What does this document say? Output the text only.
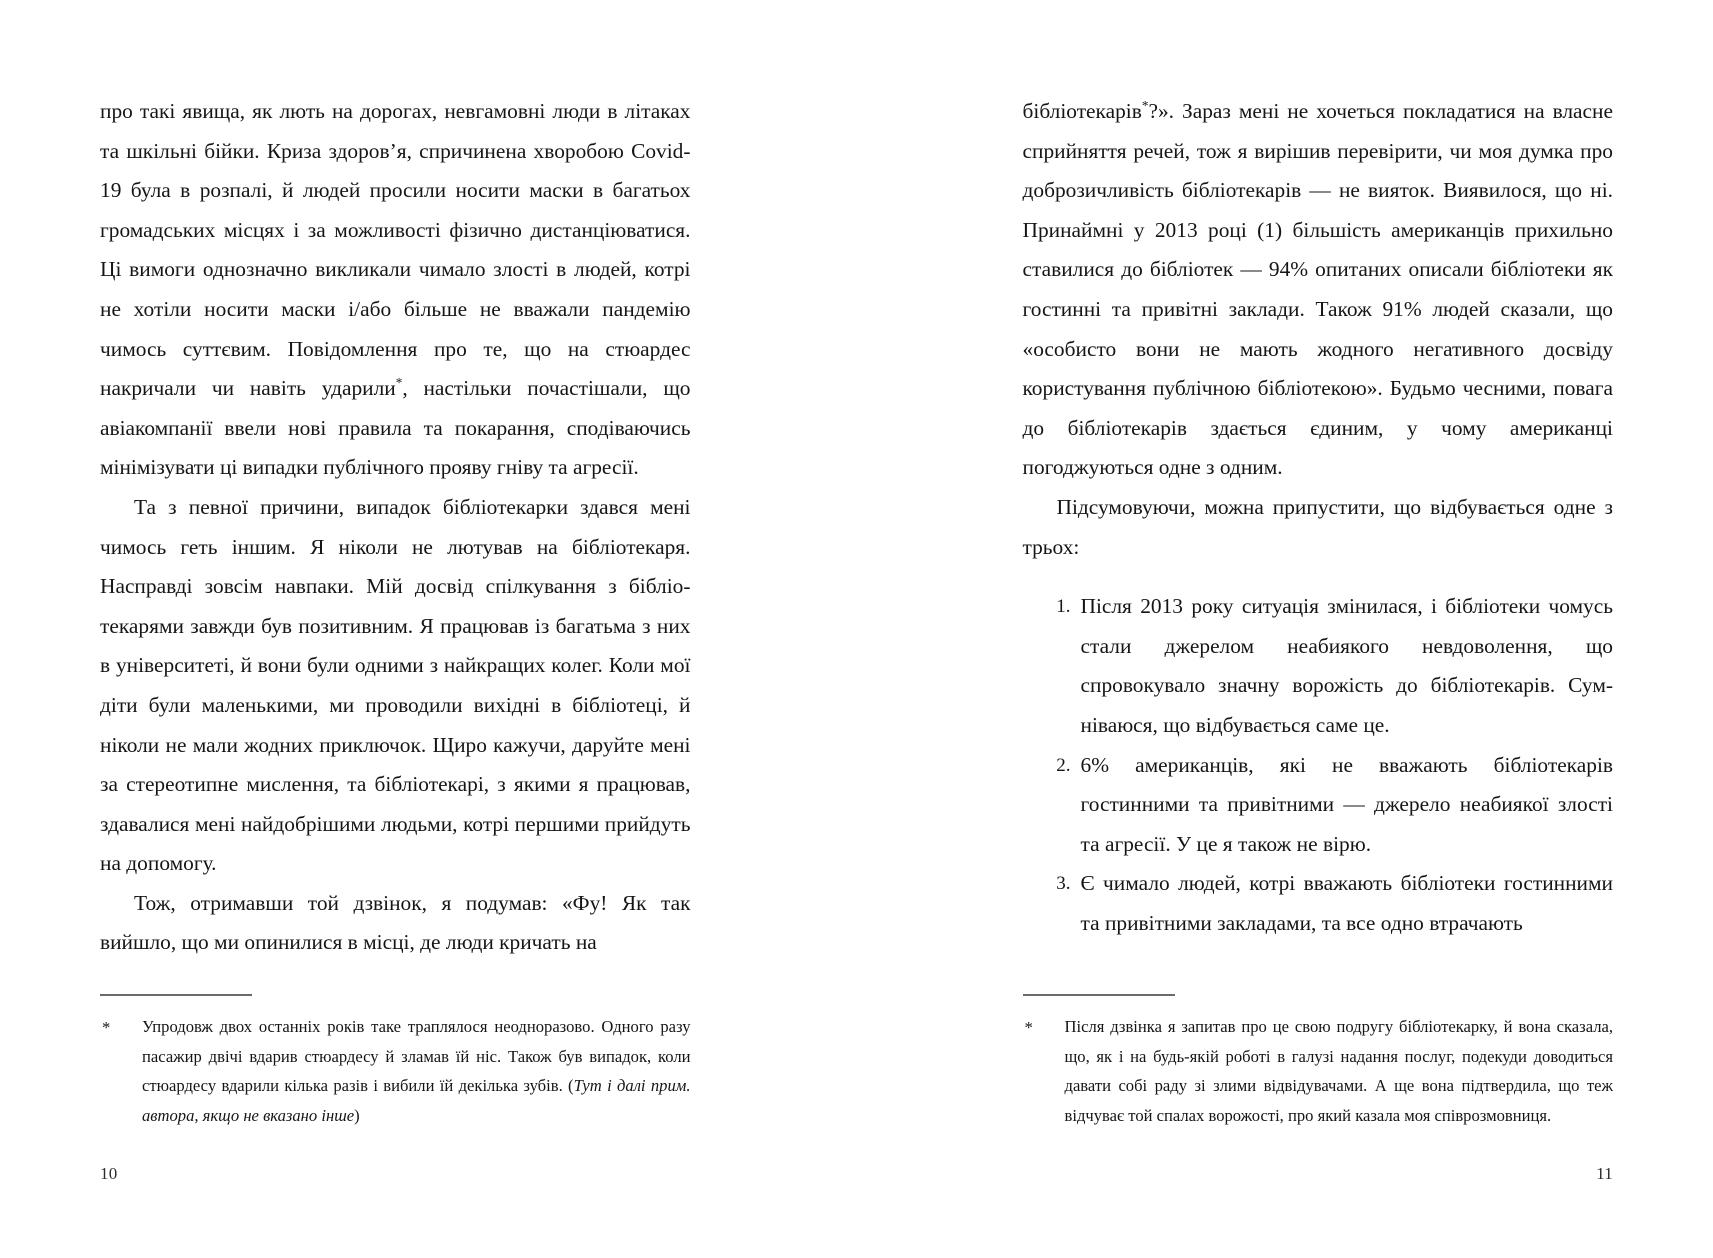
про такі явища, як лють на дорогах, невгамовні люди в літаках та шкільні бійки. Криза здоров’я, спричинена хворобою Covid-19 була в розпалі, й людей просили носити маски в багатьох громадських місцях і за можливості фізично дистанціюватися. Ці вимоги однозначно викликали чимало злості в людей, котрі не хотіли носити маски і/або більше не вважали пандемію чимось суттєвим. Повідомлення про те, що на стюардес накричали чи навіть ударили*, настільки почастішали, що авіакомпанії ввели нові правила та покарання, сподіваючись мінімізувати ці випадки публічного прояву гніву та агресії.

Та з певної причини, випадок бібліотекарки здався мені чимось геть іншим. Я ніколи не лютував на бібліотекаря. Насправді зовсім навпаки. Мій досвід спілкування з бібліотекарями завжди був позитивним. Я працював із багатьма з них в університеті, й вони були одними з найкращих колег. Коли мої діти були маленькими, ми проводили вихідні в бібліотеці, й ніколи не мали жодних приключок. Щиро кажучи, даруйте мені за стереотипне мислення, та бібліотекарі, з якими я працював, здавалися мені найдобрішими людьми, котрі першими прийдуть на допомогу.

Тож, отримавши той дзвінок, я подумав: «Фу! Як так вийшло, що ми опинилися в місці, де люди кричать на

* Упродовж двох останніх років таке траплялося неодноразово. Одного разу пасажир двічі вдарив стюардесу й зламав їй ніс. Також був випадок, коли стюардесу вдарили кілька разів і вибили їй декілька зубів. (Тут і далі прим. автора, якщо не вказано інше)
10

бібліотекарів*?». Зараз мені не хочеться покладатися на власне сприйняття речей, тож я вирішив перевірити, чи моя думка про доброзичливість бібліотекарів — не вияток. Виявилося, що ні. Принаймні у 2013 році (1) більшість американців прихильно ставилися до бібліотек — 94% опитаних описали бібліотеки як гостинні та привітні заклади. Також 91% людей сказали, що «особисто вони не мають жодного негативного досвіду користування публічною бібліотекою». Будьмо чесними, повага до бібліотекарів здається єдиним, у чому американці погоджуються одне з одним.

Підсумовуючи, можна припустити, що відбувається одне з трьох:

1. Після 2013 року ситуація змінилася, і бібліотеки чомусь стали джерелом неабиякого невдоволення, що спровокувало значну ворожість до бібліотекарів. Сумніваюся, що відбувається саме це.
2. 6% американців, які не вважають бібліотекарів гостинними та привітними — джерело неабиякої злості та агресії. У це я також не вірю.
3. Є чимало людей, котрі вважають бібліотеки гостинними та привітними закладами, та все одно втрачають
* Після дзвінка я запитав про це свою подругу бібліотекарку, й вона сказала, що, як і на будь-якій роботі в галузі надання послуг, подекуди доводиться давати собі раду зі злими відвідувачами. А ще вона підтвердила, що теж відчуває той спалах ворожості, про який казала моя співрозмовниця.
11
